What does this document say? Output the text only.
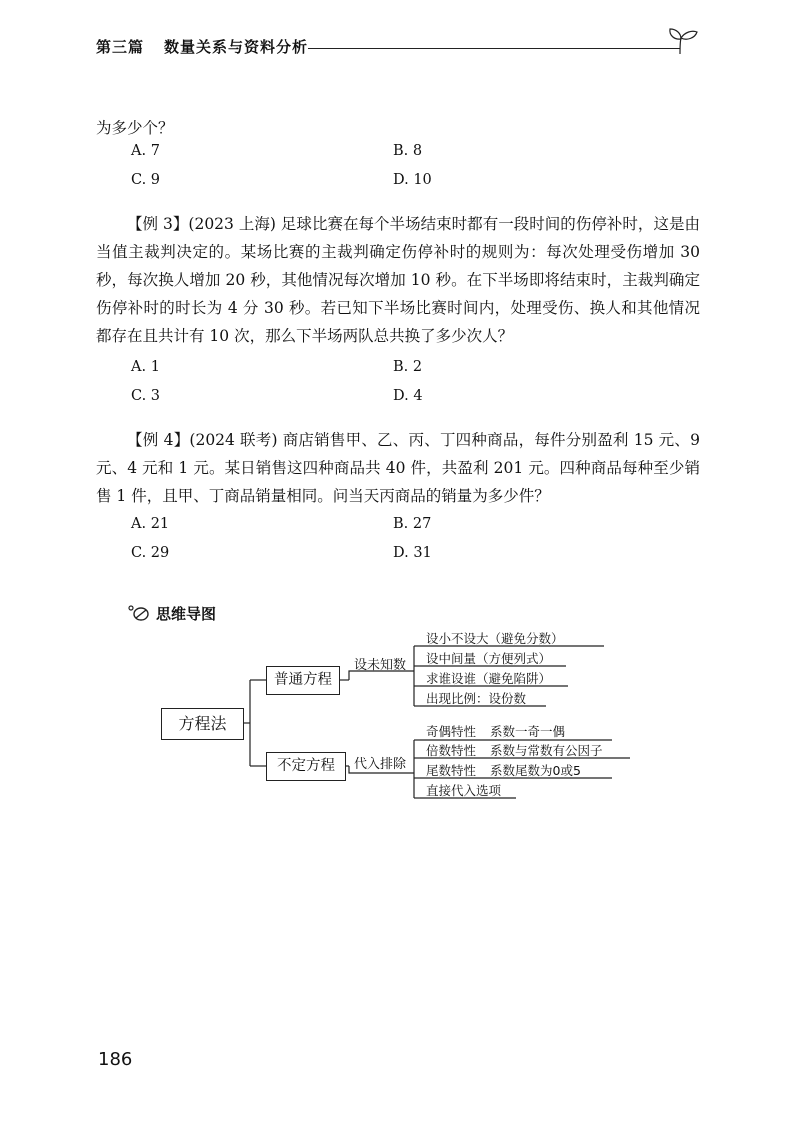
第三篇 数量关系与资料分析

为多少个？

A. 7	B. 8
C. 9	D. 10

【例 3】(2023 上海) 足球比赛在每个半场结束时都有一段时间的伤停补时，这是由当值主裁判决定的。某场比赛的主裁判确定伤停补时的规则为：每次处理受伤增加 30 秒，每次换人增加 20 秒，其他情况每次增加 10 秒。在下半场即将结束时，主裁判确定伤停补时的时长为 4 分 30 秒。若已知下半场比赛时间内，处理受伤、换人和其他情况都存在且共计有 10 次，那么下半场两队总共换了多少次人？

A. 1	B. 2
C. 3	D. 4

【例 4】(2024 联考) 商店销售甲、乙、丙、丁四种商品，每件分别盈利 15 元、9 元、4 元和 1 元。某日销售这四种商品共 40 件，共盈利 201 元。四种商品每种至少销售 1 件，且甲、丁商品销量相同。问当天丙商品的销量为多少件？

A. 21	B. 27
C. 29	D. 31
思维导图
方程法
普通方程
不定方程
设未知数
代入排除
设小不设大（避免分数）
设中间量（方便列式）
求谁设谁（避免陷阱）
出现比例：设份数
奇偶特性 系数一奇一偶
倍数特性 系数与常数有公因子
尾数特性 系数尾数为0或5
直接代入选项
186
